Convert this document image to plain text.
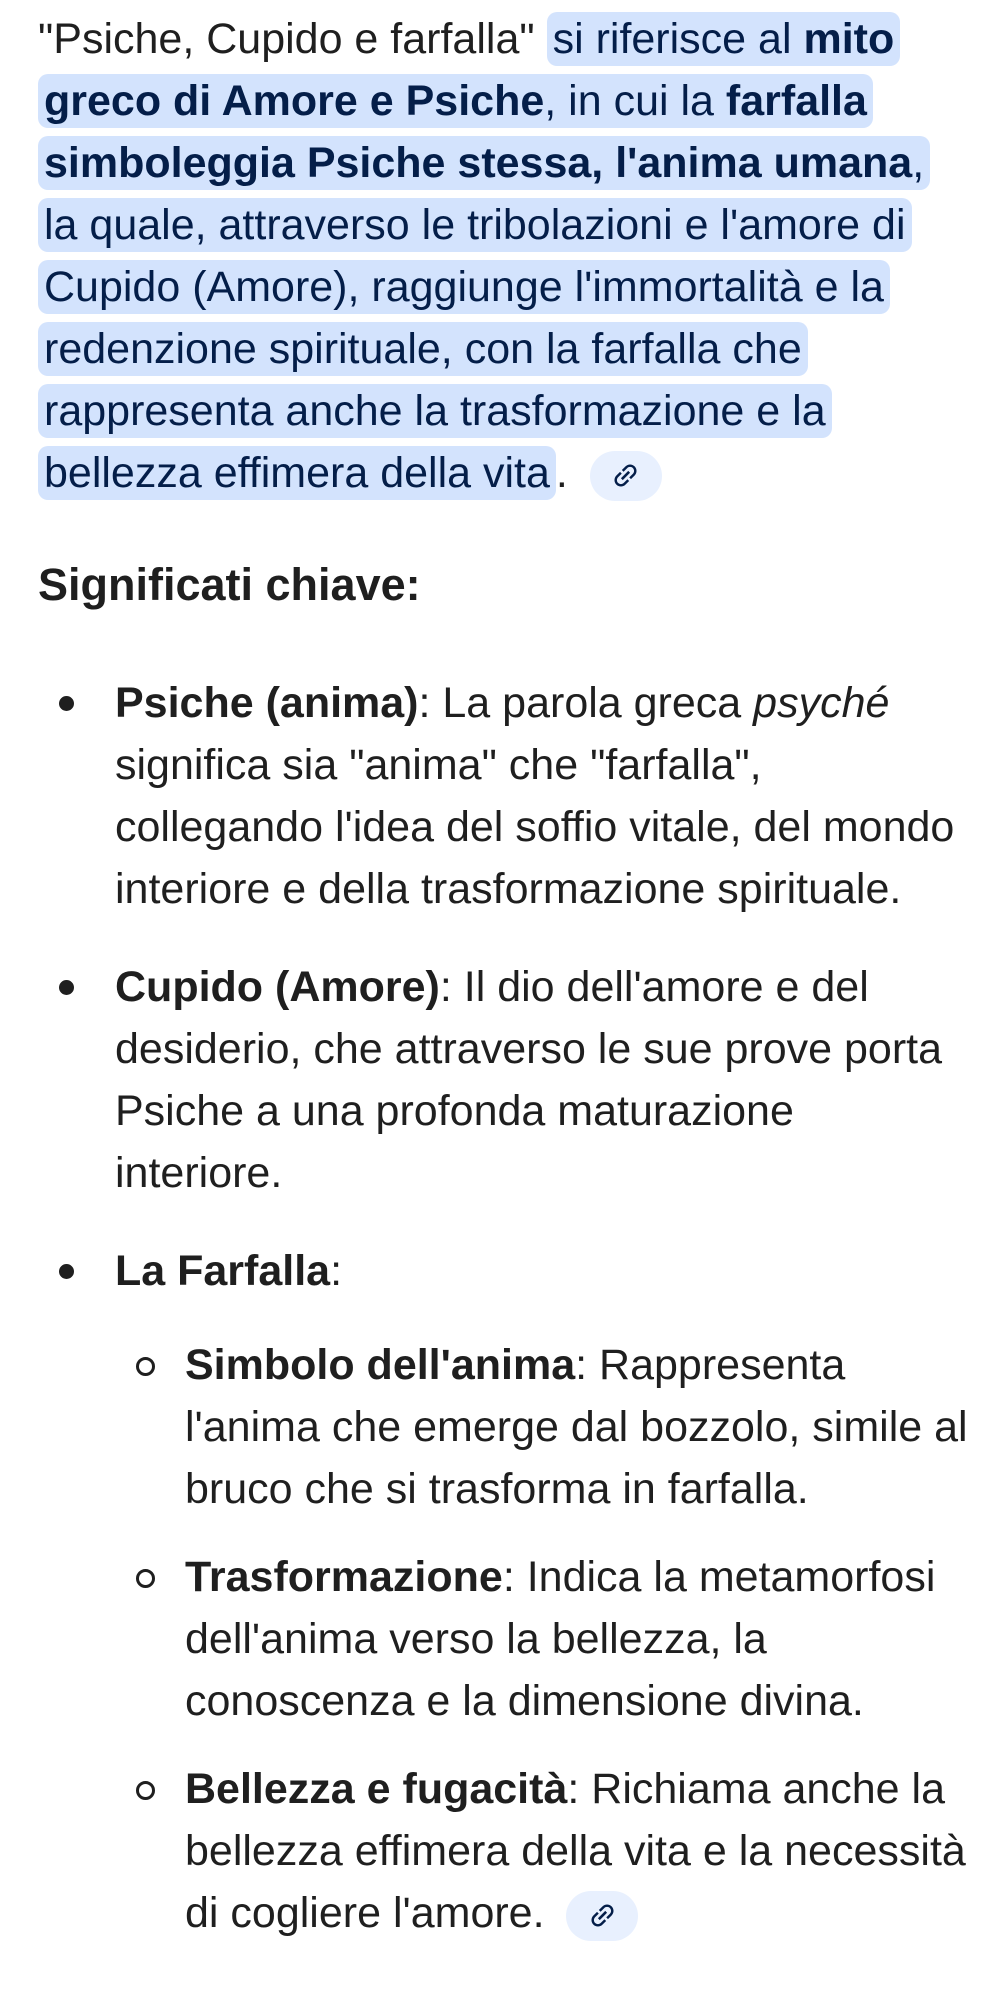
"Psiche, Cupido e farfalla" si riferisce al mito greco di Amore e Psiche, in cui la farfalla simboleggia Psiche stessa, l'anima umana, la quale, attraverso le tribolazioni e l'amore di Cupido (Amore), raggiunge l'immortalità e la redenzione spirituale, con la farfalla che rappresenta anche la trasformazione e la bellezza effimera della vita .

Significati chiave:
Psiche (anima): La parola greca psyché significa sia "anima" che "farfalla", collegando l'idea del soffio vitale, del mondo interiore e della trasformazione spirituale.
Cupido (Amore): Il dio dell'amore e del desiderio, che attraverso le sue prove porta Psiche a una profonda maturazione interiore.
La Farfalla:
Simbolo dell'anima: Rappresenta l'anima che emerge dal bozzolo, simile al bruco che si trasforma in farfalla.
Trasformazione: Indica la metamorfosi dell'anima verso la bellezza, la conoscenza e la dimensione divina.
Bellezza e fugacità: Richiama anche la bellezza effimera della vita e la necessità di cogliere l'amore.
